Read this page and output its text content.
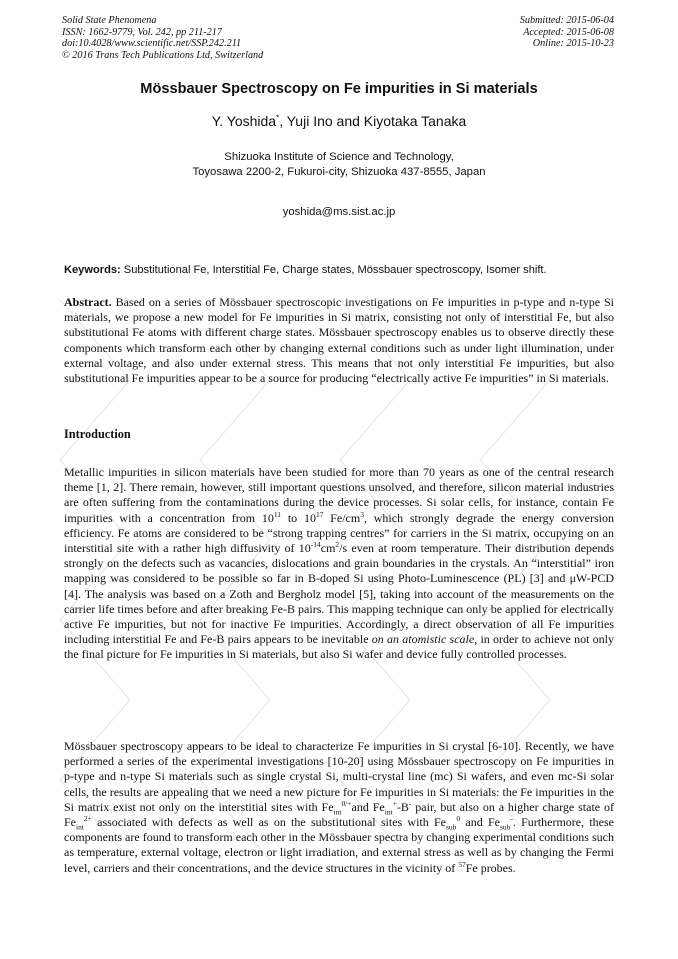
Solid State Phenomena
ISSN: 1662-9779, Vol. 242, pp 211-217
doi:10.4028/www.scientific.net/SSP.242.211
© 2016 Trans Tech Publications Ltd, Switzerland
Submitted: 2015-06-04
Accepted: 2015-06-08
Online: 2015-10-23
Mössbauer Spectroscopy on Fe impurities in Si materials
Y. Yoshida*, Yuji Ino and Kiyotaka Tanaka
Shizuoka Institute of Science and Technology,
Toyosawa 2200-2, Fukuroi-city, Shizuoka 437-8555, Japan
yoshida@ms.sist.ac.jp
Keywords: Substitutional Fe, Interstitial Fe, Charge states, Mössbauer spectroscopy, Isomer shift.
Abstract. Based on a series of Mössbauer spectroscopic investigations on Fe impurities in p-type and n-type Si materials, we propose a new model for Fe impurities in Si matrix, consisting not only of interstitial Fe, but also substitutional Fe atoms with different charge states. Mössbauer spectroscopy enables us to observe directly these components which transform each other by changing external conditions such as under light illumination, under external voltage, and also under external stress. This means that not only interstitial Fe impurities, but also substitutional Fe impurities appear to be a source for producing “electrically active Fe impurities” in Si materials.
Introduction
Metallic impurities in silicon materials have been studied for more than 70 years as one of the central research theme [1, 2]. There remain, however, still important questions unsolved, and therefore, silicon material industries are often suffering from the contaminations during the device processes. Si solar cells, for instance, contain Fe impurities with a concentration from $10^{11}$ to $10^{17}$ $Fe/cm^3$, which strongly degrade the energy conversion efficiency. Fe atoms are considered to be “strong trapping centres” for carriers in the Si matrix, occupying on an interstitial site with a rather high diffusivity of $10^{-14}cm^2/s$ even at room temperature. Their distribution depends strongly on the defects such as vacancies, dislocations and grain boundaries in the crystals. An “interstitial” iron mapping was considered to be possible so far in B-doped Si using Photo-Luminescence (PL) [3] and μW-PCD [4]. The analysis was based on a Zoth and Bergholz model [5], taking into account of the measurements on the carrier life times before and after breaking Fe-B pairs. This mapping technique can only be applied for electrically active Fe impurities, but not for inactive Fe impurities. Accordingly, a direct observation of all Fe impurities including interstitial Fe and Fe-B pairs appears to be inevitable on an atomistic scale, in order to achieve not only the final picture for Fe impurities in Si materials, but also Si wafer and device fully controlled processes.
Mössbauer spectroscopy appears to be ideal to characterize Fe impurities in Si crystal [6-10]. Recently, we have performed a series of the experimental investigations [10-20] using Mössbauer spectroscopy on Fe impurities in p-type and n-type Si materials such as single crystal Si, multi-crystal line (mc) Si wafers, and even mc-Si solar cells, the results are appealing that we need a new picture for Fe impurities in Si materials: the Fe impurities in the Si matrix exist not only on the interstitial sites with $Fe_{int}^{0/+}and$ $Fe_{int}^+-B^-$ pair, but also on a higher charge state of $Fe_{int}^{2+}$ associated with defects as well as on the substitutional sites with $Fe_{sub}^0$ and $Fe_{sub}^-$. Furthermore, these components are found to transform each other in the Mössbauer spectra by changing experimental conditions such as temperature, external voltage, electron or light irradiation, and external stress as well as by changing the Fermi level, carriers and their concentrations, and the device structures in the vicinity of $^{57}$Fe probes.
